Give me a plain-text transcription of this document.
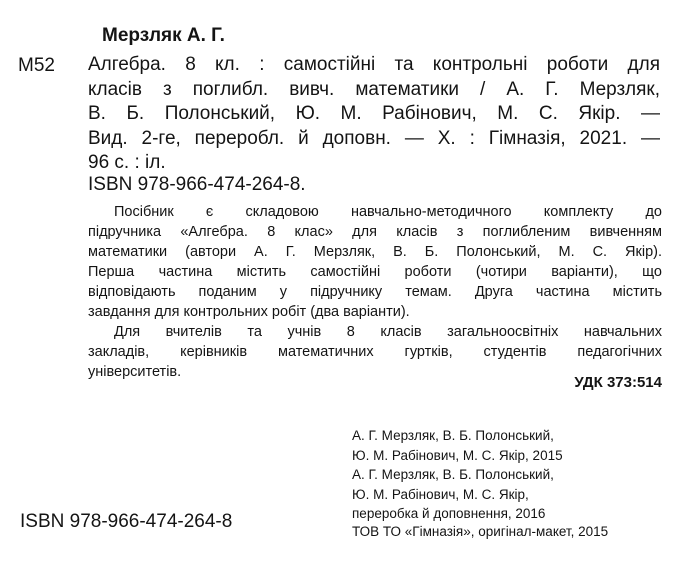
Мерзляк А. Г.
М52 Алгебра. 8 кл. : самостійні та контрольні роботи для
класів з поглибл. вивч. математики / А. Г. Мерзляк,
В. Б. Полонський, Ю. М. Рабінович, М. С. Якір. —
Вид. 2-ге, переробл. й доповн. — Х. : Гімназія, 2021. —
96 с. : іл.
ISBN 978-966-474-264-8.
Посібник є складовою навчально-методичного комплекту до
підручника «Алгебра. 8 клас» для класів з поглибленим вивченням
математики (автори А. Г. Мерзляк, В. Б. Полонський, М. С. Якір).
Перша частина містить самостійні роботи (чотири варіанти), що
відповідають поданим у підручнику темам. Друга частина містить
завдання для контрольних робіт (два варіанти).
Для вчителів та учнів 8 класів загальноосвітніх навчальних
закладів, керівників математичних гуртків, студентів педагогічних
університетів.
УДК 373:514
А. Г. Мерзляк, В. Б. Полонський,
Ю. М. Рабінович, М. С. Якір, 2015
А. Г. Мерзляк, В. Б. Полонський,
Ю. М. Рабінович, М. С. Якір,
переробка й доповнення, 2016
ISBN 978-966-474-264-8	ТОВ ТО «Гімназія», оригінал-макет, 2015
